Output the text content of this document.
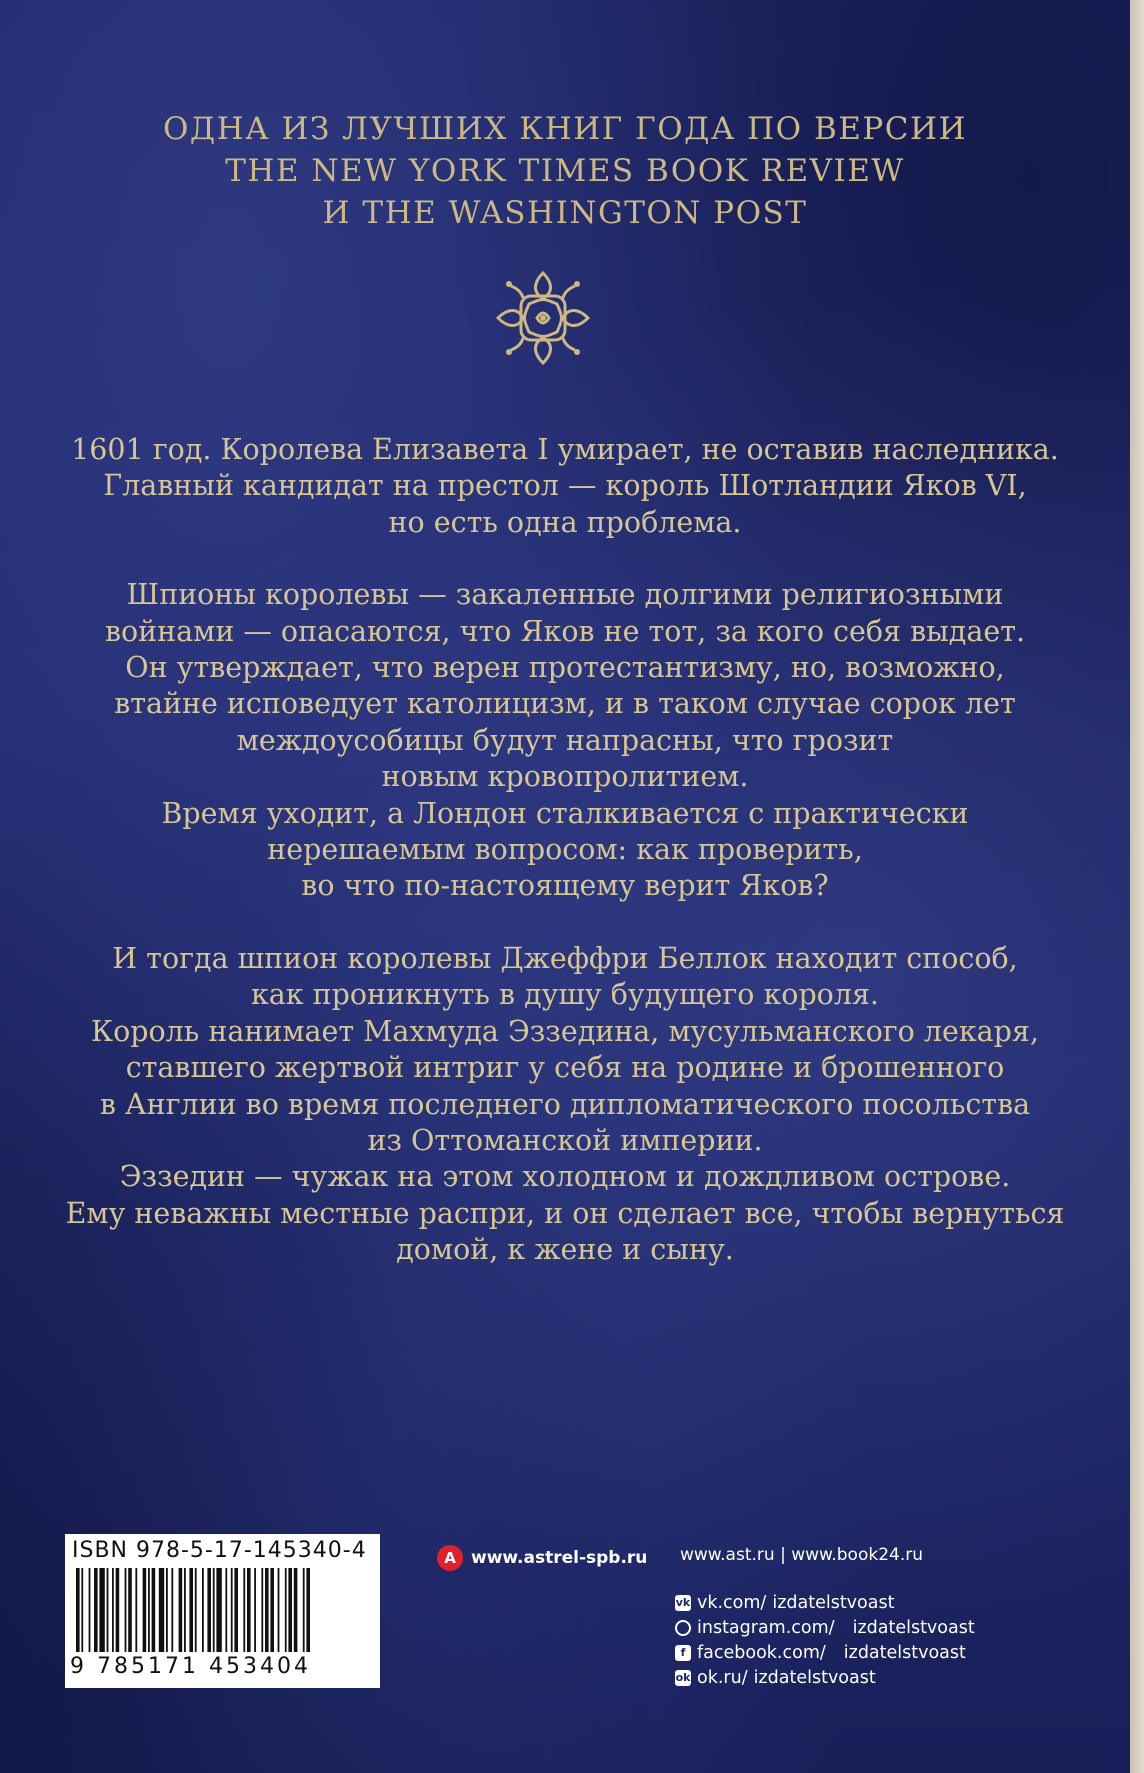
ОДНА ИЗ ЛУЧШИХ КНИГ ГОДА ПО ВЕРСИИ
THE NEW YORK TIMES BOOK REVIEW
И THE WASHINGTON POST
1601 год. Королева Елизавета I умирает, не оставив наследника.
Главный кандидат на престол — король Шотландии Яков VI,
но есть одна проблема.
Шпионы королевы — закаленные долгими религиозными
войнами — опасаются, что Яков не тот, за кого себя выдает.
Он утверждает, что верен протестантизму, но, возможно,
втайне исповедует католицизм, и в таком случае сорок лет
междоусобицы будут напрасны, что грозит
новым кровопролитием.
Время уходит, а Лондон сталкивается с практически
нерешаемым вопросом: как проверить,
во что по-настоящему верит Яков?
И тогда шпион королевы Джеффри Беллок находит способ,
как проникнуть в душу будущего короля.
Король нанимает Махмуда Эззедина, мусульманского лекаря,
ставшего жертвой интриг у себя на родине и брошенного
в Англии во время последнего дипломатического посольства
из Оттоманской империи.
Эззедин — чужак на этом холодном и дождливом острове.
Ему неважны местные распри, и он сделает все, чтобы вернуться
домой, к жене и сыну.
ISBN 978-5-17-145340-4
9 785171 453404
А www.astrel-spb.ru www.ast.ru | www.book24.ru
vk vk.com/ izdatelstvoast
instagram.com/ izdatelstvoast
f facebook.com/ izdatelstvoast
ok ok.ru/ izdatelstvoast
